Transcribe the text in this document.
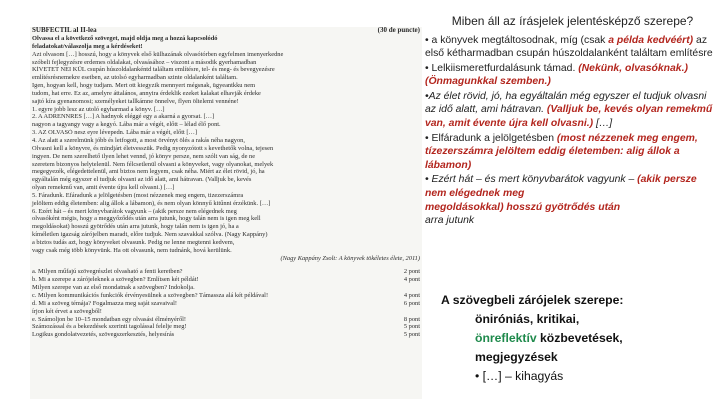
SUBFECTIL al II-lea	(30 de puncte)

Olvassa el a következő szöveget, majd oldja meg a hozzá kapcsolódó

feladatokat/válaszolja meg a kérdéseket!

Azt olvasom […] hosszú, hogy a könyvek első külhazának olvasótórben egyfelmen imenyerkedne

szóbeli fejlegyzésre erdemes oldalakat, olvasásához – viszont a második gyerhamadban

KÍVETET NEI KÜL csupán húszoldalankéntd találtam említésre, tel- és meg- és bevegyezésre

említésrésnemekre esetben, az utolsó egyharmadban szinte oldalanként találtam.

Igen, hogyan kell, hogy tudjam. Mert ott kiegyzik mennyert mégsnak, ügyeantkku nem

tudom, hat erre. Ez az, amelyre áttalános, annyira érdeklik ezeket kalakat elhavják érdeke

sajtó kíra gyenanomosi; személyeket tallkámne önnelve, flyen öltelemi vennéne!

1. egyre jobb lesz az utoló egyharmad a könyv. […]

2. A ADRENNRES […] A hadnyok eléggé egy a akarná a gyorsat. […]

nagyon a tagyangy vagy a kegyó. Lába már a végét, előtt – lélad élő pont.

3. AZ OLVASÓ nesz eyre lévepedn. Lába már a végét, előtt […]

4. Az alatt a szerelmünk jóbb és letfogott, a most örvényt ölés a rakás néha nagyon,

Olvasni kell a könyvre, és mindjárt életvesszük. Pedig nyonyzótott s kevethetők volna, tejesen

ingyen. De nem szerelhető ilyen lehet vennd, jó könyv persze, nem szólt van ság, de ne

szeretem bizonyos helytelenül. Nem félcsetlenül olvasni a könyveket, vagy olyanokat, melyek

megegyezék, elégedettelenül, ami biztos nem legyem, csak néha. Miért az élet rövid, jó, ha

egyáltalán még egyszer el tudjuk olvasni az idő alatt, ami hátravan. (Valljuk be, kevés

olyan remekmű van, amit évente újra kell olvasni.) […]

5. Fáradunk. Efáradunk a jelölgetésben (most nézzenek meg engem, tizezerszámra

jelöltem eddig életemben: alig állok a lábamon), és nem olyan könnyű kitűnni érzékünk. […]

6. Ezért hát – és mert könyvbarátok vagyunk – (akik persze nem elégednek meg

olvasóként mégis, hogy a meggyőződés után arra jutunk, hogy talán nem is igen meg kell

megoldásokat) hosszú gyötrődés után arra jutunk, hogy talán nem is igen jó, ha a

kíméletlen igazság zárójelben maradt, előre tudjuk. Nem szavakkal szólva. (Nagy Kappány)

a biztos tudás azt, hogy könyveket olvasunk. Pedig ne lenne megtenni kedvem,

vagy csak még több könyvünk. Ha ott olvasunk, nem tudnánk, hová kerülünk.

(Nagy Kappány Zsolt: A könyvek tökéletes élete, 2011)

a. Milyen műfajú szövegrészlet olvasható a fenti keretben?	2 pont
b. Mi a szerepe a zárójeleknek a szövegben? Említsen két példát!	4 pont
Milyen szerepe van az első mondatnak a szövegben? Indokolja.
c. Milyen kommunikációs funkciók érvényesülnek a szövegben? Támassza alá két példával!	4 pont
d. Mi a szöveg témája? Fogalmazza meg saját szavaival!	6 pont
írjon két érvet a szövegből!
e. Számoljon be 10–15 mondatban egy olvasási élményéről!	8 pont
Számozással és a bekezdések szerinti tagolással felelje meg!	5 pont
Logikus gondolatvezetés, szövegszerkesztés, helyesírás	5 pont
Miben áll az írásjelek jelentésképző szerepe?

• a könyvek megtáltosodnak, míg (csak a példa kedvéért) az első kétharmadban csupán húszoldalanként találtam említésre

• Lelkiismeretfurdalásunk támad. (Nekünk, olvasóknak.) (Önmagunkkal szemben.)

•Az élet rövid, jó, ha egyáltalán még egyszer el tudjuk olvasni az idő alatt, ami hátravan. (Valljuk be, kevés olyan remekmű van, amit évente újra kell olvasni.) […]

• Elfáradunk a jelölgetésben (most nézzenek meg engem, tízezerszámra jelöltem eddig életemben: alig állok a lábamon)

• Ezért hát – és mert könyvbarátok vagyunk – (akik persze nem elégednek meg
megoldásokkal) hosszú gyötrődés után
arra jutunk

A szövegbeli zárójelek szerepe:

öniróniás, kritikai,

önreflektív közbevetések,

megjegyzések

• […] – kihagyás
